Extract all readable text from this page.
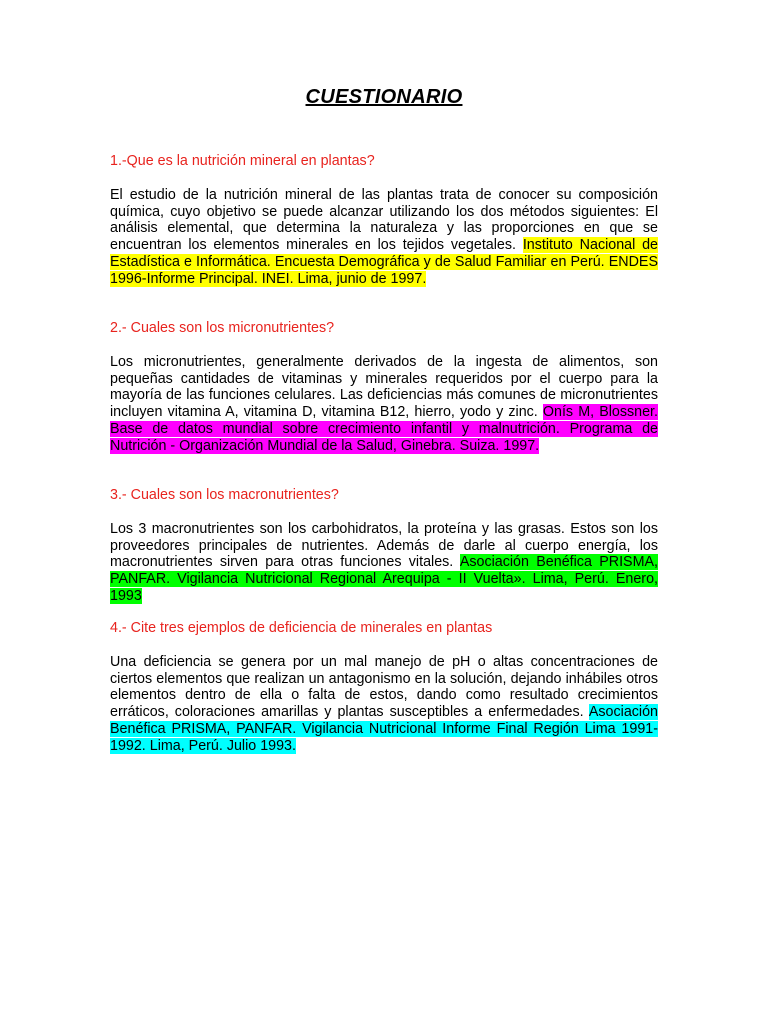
CUESTIONARIO
1.-Que es la nutrición mineral en plantas?
El estudio de la nutrición mineral de las plantas trata de conocer su composición química, cuyo objetivo se puede alcanzar utilizando los dos métodos siguientes: El análisis elemental, que determina la naturaleza y las proporciones en que se encuentran los elementos minerales en los tejidos vegetales. Instituto Nacional de Estadística e Informática. Encuesta Demográfica y de Salud Familiar en Perú. ENDES 1996-Informe Principal. INEI. Lima, junio de 1997.
2.- Cuales son los micronutrientes?
Los micronutrientes, generalmente derivados de la ingesta de alimentos, son pequeñas cantidades de vitaminas y minerales requeridos por el cuerpo para la mayoría de las funciones celulares. Las deficiencias más comunes de micronutrientes incluyen vitamina A, vitamina D, vitamina B12, hierro, yodo y zinc. Onís M, Blossner. Base de datos mundial sobre crecimiento infantil y malnutrición. Programa de Nutrición - Organización Mundial de la Salud, Ginebra. Suiza. 1997.
3.- Cuales son los macronutrientes?
Los 3 macronutrientes son los carbohidratos, la proteína y las grasas. Estos son los proveedores principales de nutrientes. Además de darle al cuerpo energía, los macronutrientes sirven para otras funciones vitales. Asociación Benéfica PRISMA, PANFAR. Vigilancia Nutricional Regional Arequipa - II Vuelta». Lima, Perú. Enero, 1993
4.- Cite tres ejemplos de deficiencia de minerales en plantas
Una deficiencia se genera por un mal manejo de pH o altas concentraciones de ciertos elementos que realizan un antagonismo en la solución, dejando inhábiles otros elementos dentro de ella o falta de estos, dando como resultado crecimientos erráticos, coloraciones amarillas y plantas susceptibles a enfermedades. Asociación Benéfica PRISMA, PANFAR. Vigilancia Nutricional Informe Final Región Lima 1991-1992. Lima, Perú. Julio 1993.
